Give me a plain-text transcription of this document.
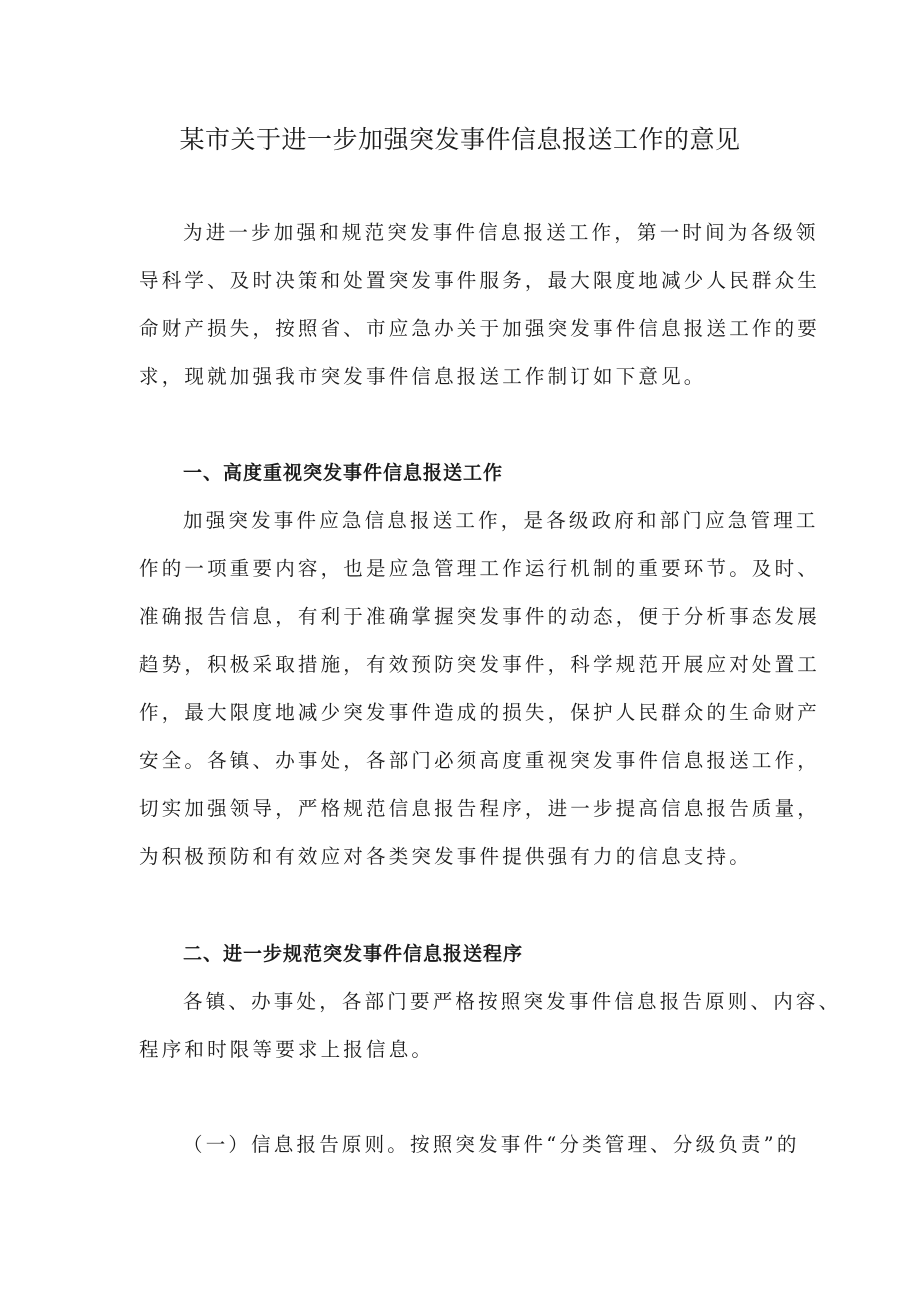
某市关于进一步加强突发事件信息报送工作的意见
为进一步加强和规范突发事件信息报送工作，第一时间为各级领
导科学、及时决策和处置突发事件服务，最大限度地减少人民群众生
命财产损失，按照省、市应急办关于加强突发事件信息报送工作的要
求，现就加强我市突发事件信息报送工作制订如下意见。
一、高度重视突发事件信息报送工作
加强突发事件应急信息报送工作，是各级政府和部门应急管理工
作的一项重要内容，也是应急管理工作运行机制的重要环节。及时、
准确报告信息，有利于准确掌握突发事件的动态，便于分析事态发展
趋势，积极采取措施，有效预防突发事件，科学规范开展应对处置工
作，最大限度地减少突发事件造成的损失，保护人民群众的生命财产
安全。各镇、办事处，各部门必须高度重视突发事件信息报送工作，
切实加强领导，严格规范信息报告程序，进一步提高信息报告质量，
为积极预防和有效应对各类突发事件提供强有力的信息支持。
二、进一步规范突发事件信息报送程序
各镇、办事处，各部门要严格按照突发事件信息报告原则、内容、
程序和时限等要求上报信息。
（一）信息报告原则。按照突发事件“分类管理、分级负责”的
